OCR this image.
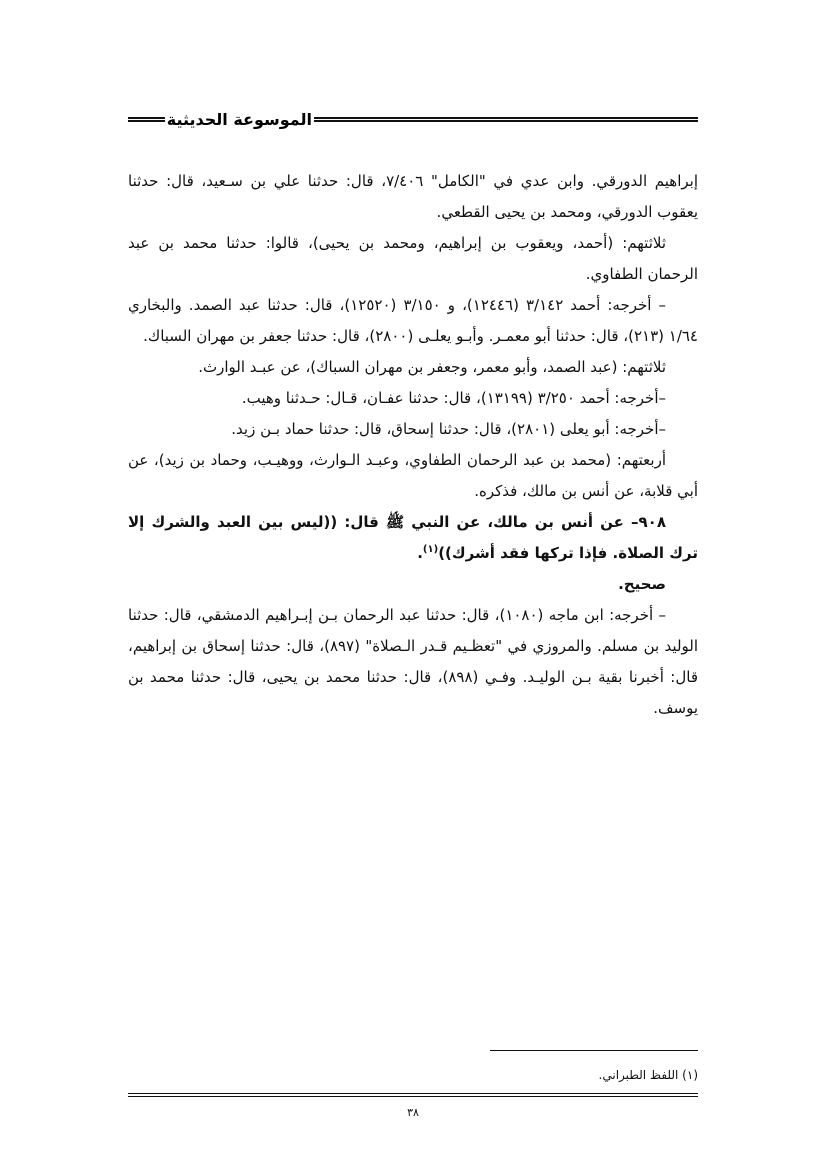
الموسوعة الحديثية

إبراهيم الدورقي. وابن عدي في "الكامل" ٧/٤٠٦، قال: حدثنا علي بن سـعيد، قال: حدثنا يعقوب الدورقي، ومحمد بن يحيى القطعي.

ثلاثتهم: (أحمد، ويعقوب بن إبراهيم، ومحمد بن يحيى)، قالوا: حدثنا محمد بن عبد الرحمان الطفاوي.

– أخرجه: أحمد ٣/١٤٢ (١٢٤٤٦)، و ٣/١٥٠ (١٢٥٢٠)، قال: حدثنا عبد الصمد. والبخاري ١/٦٤ (٢١٣)، قال: حدثنا أبو معمـر. وأبـو يعلـى (٢٨٠٠)، قال: حدثنا جعفر بن مهران السباك.

ثلاثتهم: (عبد الصمد، وأبو معمر، وجعفر بن مهران السباك)، عن عبـد الوارث.

–أخرجه: أحمد ٣/٢٥٠ (١٣١٩٩)، قال: حدثنا عفـان، قـال: حـدثنا وهيب.

–أخرجه: أبو يعلى (٢٨٠١)، قال: حدثنا إسحاق، قال: حدثنا حماد بـن زيد.

أربعتهم: (محمد بن عبد الرحمان الطفاوي، وعبـد الـوارث، ووهيـب، وحماد بن زيد)، عن أبي قلابة، عن أنس بن مالك، فذكره.

٩٠٨– عن أنس بن مالك، عن النبي ﷺ قال: ((ليس بين العبد والشرك إلا ترك الصلاة. فإذا تركها فقد أشرك))$^{(١)}$.

صحيح.

– أخرجه: ابن ماجه (١٠٨٠)، قال: حدثنا عبد الرحمان بـن إبـراهيم الدمشقي، قال: حدثنا الوليد بن مسلم. والمروزي في "تعظـيم قـدر الـصلاة" (٨٩٧)، قال: حدثنا إسحاق بن إبراهيم، قال: أخبرنا بقية بـن الوليـد. وفـي (٨٩٨)، قال: حدثنا محمد بن يحيى، قال: حدثنا محمد بن يوسف.

(١) اللفظ الطبراني.
٣٨
